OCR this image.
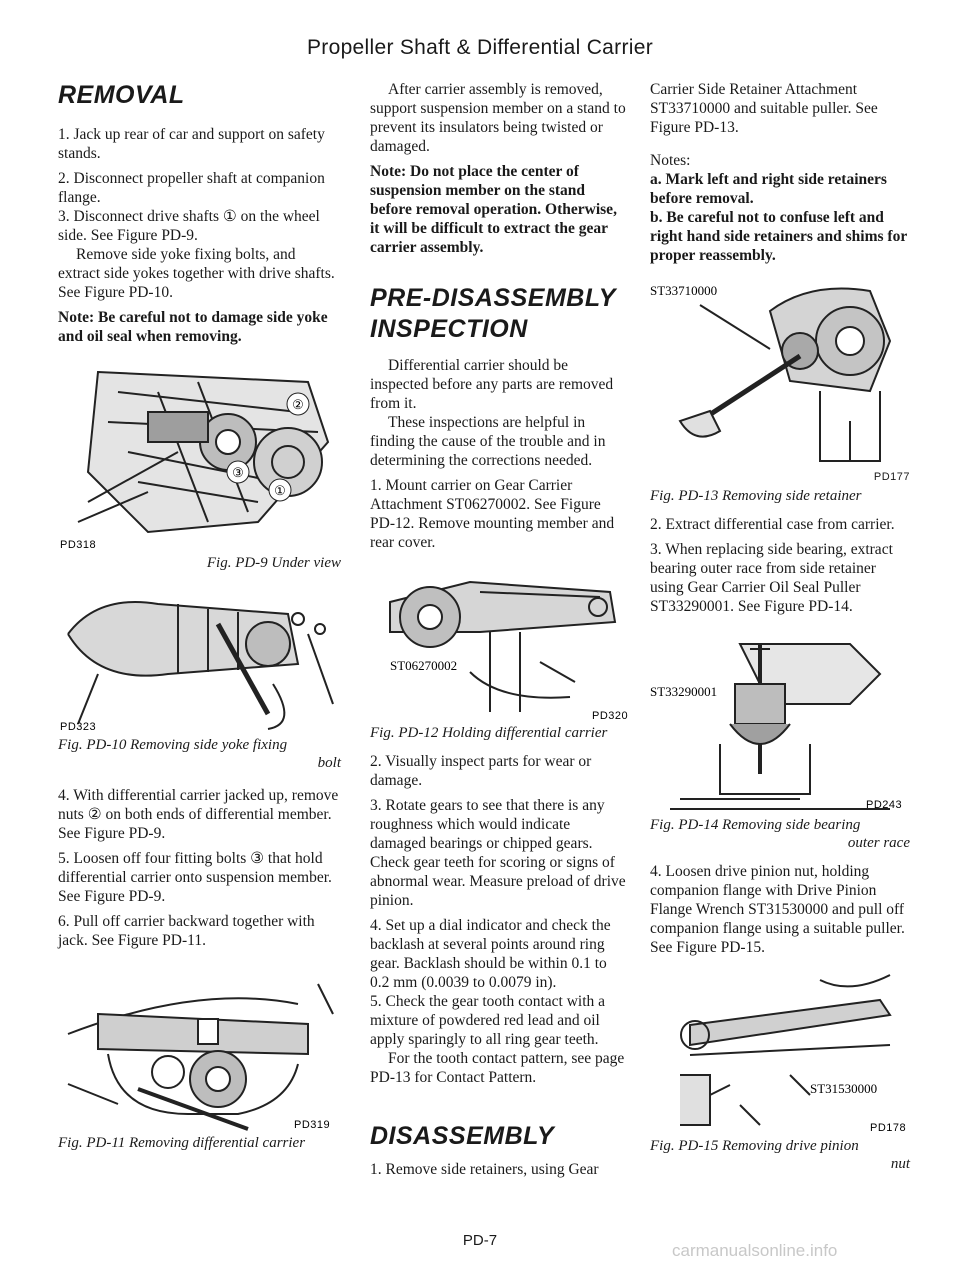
Propeller Shaft & Differential Carrier
REMOVAL

1. Jack up rear of car and support on safety stands.

2. Disconnect propeller shaft at companion flange.

3. Disconnect drive shafts ① on the wheel side. See Figure PD-9.

Remove side yoke fixing bolts, and extract side yokes together with drive shafts. See Figure PD-10.

Note: Be careful not to damage side yoke and oil seal when removing.
②
③
①
PD318
Fig. PD-9 Under view
PD323
Fig. PD-10 Removing side yoke fixing
bolt

4. With differential carrier jacked up, remove nuts ② on both ends of differential member. See Figure PD-9.

5. Loosen off four fitting bolts ③ that hold differential carrier onto suspension member. See Figure PD-9.

6. Pull off carrier backward together with jack. See Figure PD-11.

PD319
Fig. PD-11 Removing differential carrier

After carrier assembly is removed, support suspension member on a stand to prevent its insulators being twisted or damaged.

Note: Do not place the center of suspension member on the stand before removal operation. Otherwise, it will be difficult to extract the gear carrier assembly.
PRE-DISASSEMBLY
INSPECTION

Differential carrier should be inspected before any parts are removed from it.

These inspections are helpful in finding the cause of the trouble and in determining the corrections needed.

1. Mount carrier on Gear Carrier Attachment ST06270002. See Figure PD-12. Remove mounting member and rear cover.

ST06270002
PD320
Fig. PD-12 Holding differential carrier

2. Visually inspect parts for wear or damage.

3. Rotate gears to see that there is any roughness which would indicate damaged bearings or chipped gears. Check gear teeth for scoring or signs of abnormal wear. Measure preload of drive pinion.

4. Set up a dial indicator and check the backlash at several points around ring gear. Backlash should be within 0.1 to 0.2 mm (0.0039 to 0.0079 in).

5. Check the gear tooth contact with a mixture of powdered red lead and oil apply sparingly to all ring gear teeth.

For the tooth contact pattern, see page PD-13 for Contact Pattern.

DISASSEMBLY

1. Remove side retainers, using Gear

Carrier Side Retainer Attachment ST33710000 and suitable puller. See Figure PD-13.

Notes:

a. Mark left and right side retainers before removal.
b. Be careful not to confuse left and right hand side retainers and shims for proper reassembly.
ST33710000
PD177
Fig. PD-13 Removing side retainer

2. Extract differential case from carrier.

3. When replacing side bearing, extract bearing outer race from side retainer using Gear Carrier Oil Seal Puller ST33290001. See Figure PD-14.

ST33290001
PD243
Fig. PD-14 Removing side bearing
outer race

4. Loosen drive pinion nut, holding companion flange with Drive Pinion Flange Wrench ST31530000 and pull off companion flange using a suitable puller. See Figure PD-15.

ST31530000
PD178
Fig. PD-15 Removing drive pinion
nut
PD-7
carmanualsonline.info
